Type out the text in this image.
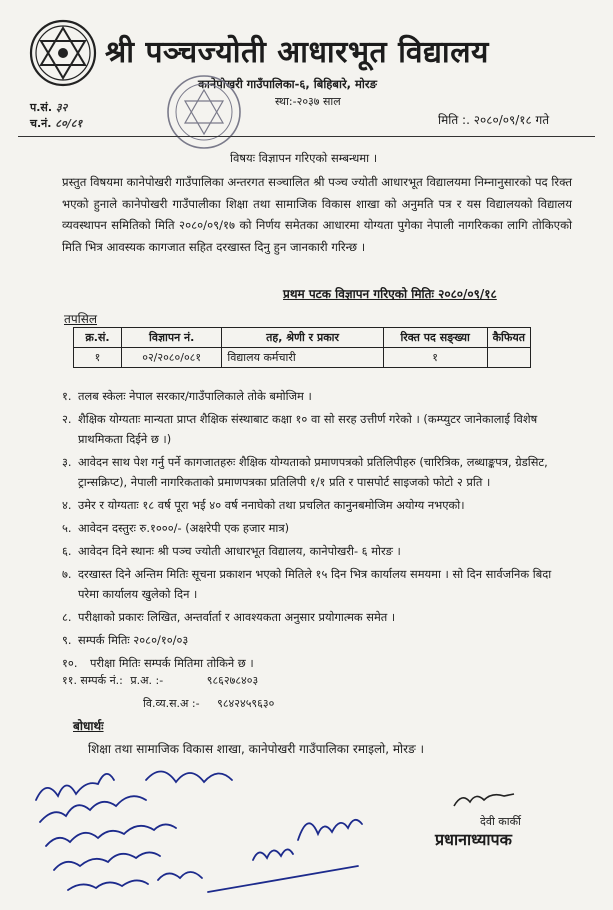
श्री पञ्चज्योती आधारभूत विद्यालय
कानेपोखरी गाउँपालिका-६, बिहिबारे, मोरङ
स्था:-२०३७ साल
प.सं. ३२
च.नं. ८०/८१	मिति :. २०८०/०९/१८ गते
विषयः विज्ञापन गरिएको सम्बन्धमा ।
प्रस्तुत विषयमा कानेपोखरी गाउँपालिका अन्तरगत सञ्चालित श्री पञ्च ज्योती आधारभूत विद्यालयमा निम्नानुसारको पद रिक्त भएको हुनाले कानेपोखरी गाउँपालीका शिक्षा तथा सामाजिक विकास शाखा को अनुमति पत्र र यस विद्यालयको विद्यालय व्यवस्थापन समितिको मिति २०८०/०९/१७ को निर्णय समेतका आधारमा योग्यता पुगेका नेपाली नागरिकका लागि तोकिएको मिति भित्र आवस्यक कागजात सहित दरखास्त दिनु हुन जानकारी गरिन्छ ।
प्रथम पटक विज्ञापन गरिएको मितिः २०८०/०९/१८
तपसिल
क्र.सं.	विज्ञापन नं.	तह, श्रेणी र प्रकार	रिक्त पद सङ्ख्या	कैफियत
१	०२/२०८०/०८१	विद्यालय कर्मचारी	१	
१. तलब स्केलः नेपाल सरकार/गाउँपालिकाले तोके बमोजिम ।
२. शैक्षिक योग्यताः मान्यता प्राप्त शैक्षिक संस्थाबाट कक्षा १० वा सो सरह उत्तीर्ण गरेको । (कम्प्युटर जानेकालाई विशेष प्राथमिकता दिईने छ ।)
३. आवेदन साथ पेश गर्नु पर्ने कागजातहरुः शैक्षिक योग्यताको प्रमाणपत्रको प्रतिलिपीहरु (चारित्रिक, लब्धाङ्कपत्र, ग्रेडसिट, ट्रान्सक्रिप्ट), नेपाली नागरिकताको प्रमाणपत्रका प्रतिलिपी १/१ प्रति र पासपोर्ट साइजको फोटो २ प्रति ।
४. उमेर र योग्यताः १८ वर्ष पूरा भई ४० वर्ष ननाघेको तथा प्रचलित कानुनबमोजिम अयोग्य नभएको।
५. आवेदन दस्तुरः रु.१०००/- (अक्षरेपी एक हजार मात्र)
६. आवेदन दिने स्थानः श्री पञ्च ज्योती आधारभूत विद्यालय, कानेपोखरी- ६ मोरङ ।
७. दरखास्त दिने अन्तिम मितिः सूचना प्रकाशन भएको मितिले १५ दिन भित्र कार्यालय समयमा । सो दिन सार्वजनिक बिदा परेमा कार्यालय खुलेको दिन ।
८. परीक्षाको प्रकारः लिखित, अन्तर्वार्ता र आवश्यकता अनुसार प्रयोगात्मक समेत ।
९. सम्पर्क मितिः २०८०/१०/०३
१०.	परीक्षा मितिः सम्पर्क मितिमा तोकिने छ ।
११. सम्पर्क नं.: प्र.अ. :-	९८६२७८४०३
वि.व्य.स.अ :- ९८४२४५९६३०
बोधार्थः
शिक्षा तथा सामाजिक विकास शाखा, कानेपोखरी गाउँपालिका रमाइलो, मोरङ ।
देवी कार्की
प्रधानाध्यापक
